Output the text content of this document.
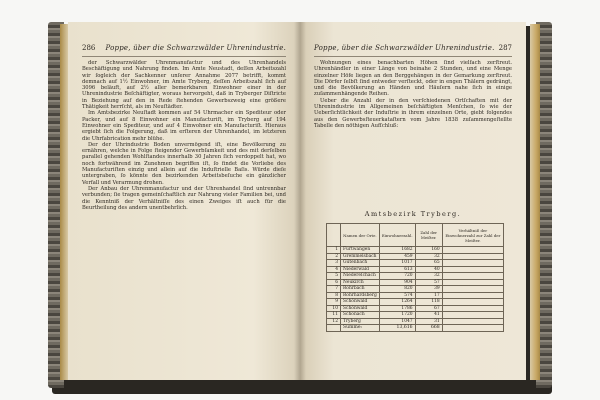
286 Poppe, über die Schwarzwälder Uhrenindustrie.

der Schwarzwälder Uhrenmanufactur und des Uhrenhandels Beschäftigung und Nahrung finden. Im Amte Neustadt, deſſen Arbeitszahl wir ſogleich der Sachkenner unſerer Annahme 2077 betrifft, kommt demnach auf 1½ Einwohner, im Amte Tryberg, deſſen Arbeitszahl ſich auf 3096 beläuft, auf 2½ aller bemerkbaren Einwohner einer in der Uhrenindustrie Beſchäftigter, woraus hervorgeht, daß in Tryberger Diſtricte in Beziehung auf den in Rede ſtehenden Gewerbszweig eine größere Thätigkeit herrſcht, als im Neuſtädter.

Im Amtsbezirke Neuſtadt kommen auf 54 Uhrmacher ein Spediteur oder Packer, und auf 8 Einwohner ein Manufacturiſt, im Tryberg auf 194 Einwohner ein Spediteur, und auf 4 Einwohner ein Manufacturiſt. Hieraus ergiebt ſich die Folgerung, daß im erſteren der Uhrenhandel, im letzteren die Uhrfabrication mehr blühe.

Der der Uhrindustrie Boden unvermögend iſt, eine Bevölkerung zu ernähren, welche in Folge ſteigender Gewerbſamkeit und des mit derſelben parallel gehenden Wohlſtandes innerhalb 30 Jahren ſich verdoppelt hat, wo noch fortwährend im Zunehmen begriffen iſt, ſo findet die Vorliebe des Manufacturiſten einzig und allein auf die Induſtrielle Baſis. Würde dieſe untergraben, ſo könnte den bezirkenden Arbeitsbeſuche ein gänzlicher Verfall und Verarmung drohen.

Der Anbau der Uhrenmanufactur und der Uhrenhandel ſind untrennbar verbunden; ſie tragen gemeinſchaftlich zur Nahrung vieler Familien bei, und die Kenntniß der Verhältniſſe des einen Zweiges iſt auch für die Beurtheilung des andern unentbehrlich.

Poppe, über die Schwarzwälder Uhrenindustrie. 287

Wohnungen eines benachbarten Höhen ſind vielfach zerſtreut. Uhrenhändler in einer Länge von beinahe 2 Stunden, und eine Menge einzelner Höfe liegen an den Berggehängen in der Gemarkung zerſtreut. Die Dörfer ſelbſt ſind entweder verſteckt, oder in engen Thälern gedrängt, und die Bevölkerung an Händen und Häuſern nahe ſich in einige zuſammenhängende Reihen.

Ueber die Anzahl der in den verſchiedenen Ortſchaften mit der Uhrenindustrie im Allgemeinen beſchäftigten Menſchen, ſo wie der Ueberſichtlichkeit der Induſtrie in ihrem einzelnen Orte, giebt folgendes aus den Gewerbsſteuerkataſtern vom Jahre 1838 zuſammengeſtellte Tabelle den nöthigen Aufſchluß:

Amtsbezirk Tryberg.
	Namen der Orte.	Einwohnerzahl.	Zahl der Meiſter.	Verhältniß der Einwohnerzahl zur Zahl der Meiſter.
1	Furtwangen	1682	160	
2	Gremmelsbach	459	32	
3	Gütenbach	1017	65	
4	Niederwald	613	40	
5	Niedereſchach	720	32	
6	Neukirch	904	57	
7	Rohrbach	820	39	
8	Rohrhardsberg	574	17	
9	Schönwald	1264	118	
10	Schönwald	1786	67	
11	Schonach	1720	41	
12	Tryberg	1047	31	
	Summe:	13,616	668	
